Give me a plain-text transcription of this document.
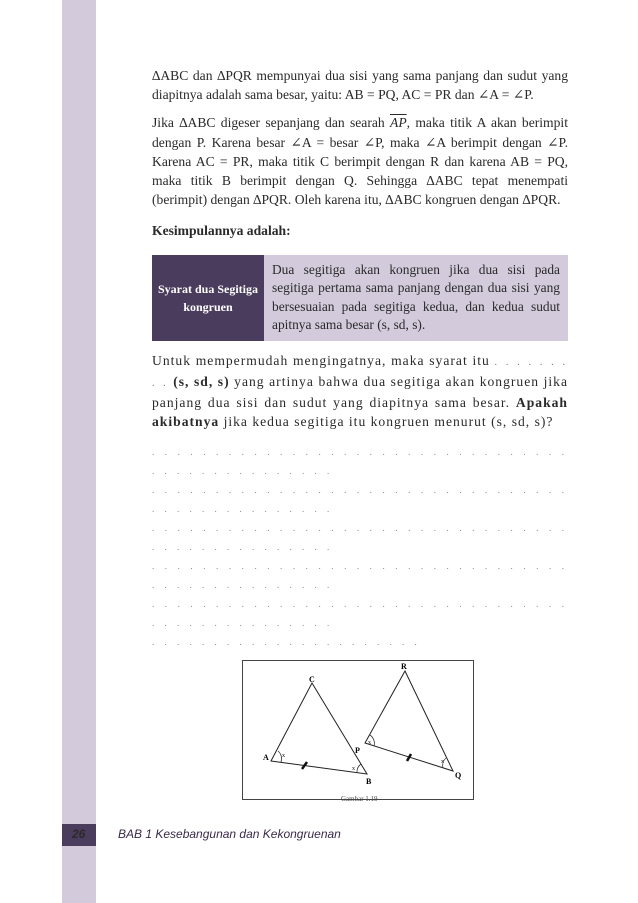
∆ABC dan ∆PQR mempunyai dua sisi yang sama panjang dan sudut yang diapitnya adalah sama besar, yaitu: AB = PQ, AC = PR dan ∠A = ∠P.

Jika ∆ABC digeser sepanjang dan searah $\overline{AP}$, maka titik A akan berimpit dengan P. Karena besar ∠A = besar ∠P, maka ∠A berimpit dengan ∠P. Karena AC = PR, maka titik C berimpit dengan R dan karena AB = PQ, maka titik B berimpit dengan Q. Sehingga ∆ABC tepat menempati (berimpit) dengan ∆PQR. Oleh karena itu, ∆ABC kongruen dengan ∆PQR.

Kesimpulannya adalah:

Syarat dua Segitiga kongruen
Dua segitiga akan kongruen jika dua sisi pada segitiga pertama sama panjang dengan dua sisi yang bersesuaian pada segitiga kedua, dan kedua sudut apitnya sama besar (s, sd, s).

Untuk mempermudah mengingatnya, maka syarat itu . . . . . . . . . (s, sd, s) yang artinya bahwa dua segitiga akan kongruen jika panjang dua sisi dan sudut yang diapitnya sama besar. Apakah akibatnya jika kedua segitiga itu kongruen menurut (s, sd, s)?

. . . . . . . . . . . . . . . . . . . . . . . . . . . . . . . . . . . . . . . . . . . . . . . .
. . . . . . . . . . . . . . . . . . . . . . . . . . . . . . . . . . . . . . . . . . . . . . . .
. . . . . . . . . . . . . . . . . . . . . . . . . . . . . . . . . . . . . . . . . . . . . . . .
. . . . . . . . . . . . . . . . . . . . . . . . . . . . . . . . . . . . . . . . . . . . . . . .
. . . . . . . . . . . . . . . . . . . . . . . . . . . . . . . . . . . . . . . . . . . . . . . .
. . . . . . . . . . . . . . . . . . . . . .
x
x
x
x
A
B
C
P
Q
R
Gambar 1.19
26	BAB 1 Kesebangunan dan Kekongruenan
